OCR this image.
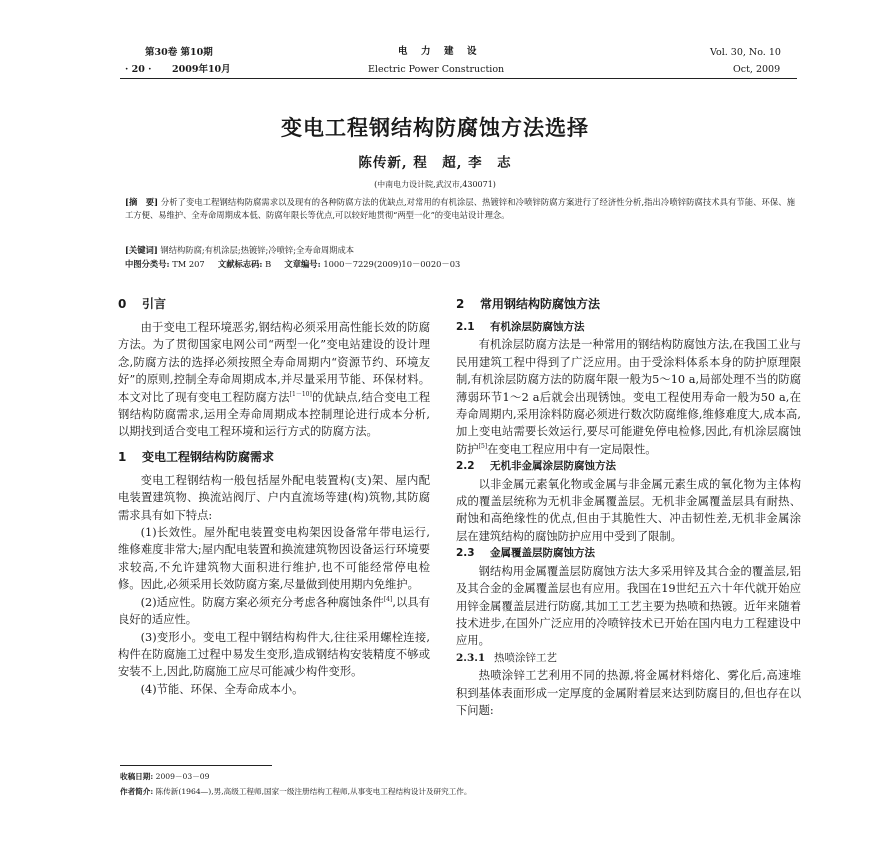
第30卷 第10期	电　力　建　设	Vol. 30, No. 10
· 20 · 2009年10月	Electric Power Construction	Oct, 2009
变电工程钢结构防腐蚀方法选择
陈传新, 程　超, 李　志
(中南电力设计院,武汉市,430071)
[摘　要] 分析了变电工程钢结构防腐需求以及现有的各种防腐方法的优缺点,对常用的有机涂层、热镀锌和冷喷锌防腐方案进行了经济性分析,指出冷喷锌防腐技术具有节能、环保、施工方便、易维护、全寿命周期成本低、防腐年限长等优点,可以较好地贯彻“两型一化”的变电站设计理念。
[关键词] 钢结构防腐;有机涂层;热镀锌;冷喷锌;全寿命周期成本
中图分类号: TM 207 文献标志码: B 文章编号: 1000－7229(2009)10－0020－03
0 引言

由于变电工程环境恶劣,钢结构必须采用高性能长效的防腐方法。为了贯彻国家电网公司“两型一化”变电站建设的设计理念,防腐方法的选择必须按照全寿命周期内“资源节约、环境友好”的原则,控制全寿命周期成本,并尽量采用节能、环保材料。本文对比了现有变电工程防腐方法[1－10]的优缺点,结合变电工程钢结构防腐需求,运用全寿命周期成本控制理论进行成本分析,以期找到适合变电工程环境和运行方式的防腐方法。

1 变电工程钢结构防腐需求

变电工程钢结构一般包括屋外配电装置构(支)架、屋内配电装置建筑物、换流站阀厅、户内直流场等建(构)筑物,其防腐需求具有如下特点:

(1)长效性。屋外配电装置变电构架因设备常年带电运行,维修难度非常大;屋内配电装置和换流建筑物因设备运行环境要求较高,不允许建筑物大面积进行维护,也不可能经常停电检修。因此,必须采用长效防腐方案,尽量做到使用期内免维护。

(2)适应性。防腐方案必须充分考虑各种腐蚀条件[4],以具有良好的适应性。

(3)变形小。变电工程中钢结构构件大,往往采用螺栓连接,构件在防腐施工过程中易发生变形,造成钢结构安装精度不够或安装不上,因此,防腐施工应尽可能减少构件变形。

(4)节能、环保、全寿命成本小。

2 常用钢结构防腐蚀方法
2.1 有机涂层防腐蚀方法

有机涂层防腐方法是一种常用的钢结构防腐蚀方法,在我国工业与民用建筑工程中得到了广泛应用。由于受涂料体系本身的防护原理限制,有机涂层防腐方法的防腐年限一般为5～10 a,局部处理不当的防腐薄弱环节1～2 a后就会出现锈蚀。变电工程使用寿命一般为50 a,在寿命周期内,采用涂料防腐必须进行数次防腐维修,维修难度大,成本高,加上变电站需要长效运行,要尽可能避免停电检修,因此,有机涂层腐蚀防护[5]在变电工程应用中有一定局限性。

2.2 无机非金属涂层防腐蚀方法

以非金属元素氧化物或金属与非金属元素生成的氧化物为主体构成的覆盖层统称为无机非金属覆盖层。无机非金属覆盖层具有耐热、耐蚀和高绝缘性的优点,但由于其脆性大、冲击韧性差,无机非金属涂层在建筑结构的腐蚀防护应用中受到了限制。

2.3 金属覆盖层防腐蚀方法

钢结构用金属覆盖层防腐蚀方法大多采用锌及其合金的覆盖层,铝及其合金的金属覆盖层也有应用。我国在19世纪五六十年代就开始应用锌金属覆盖层进行防腐,其加工工艺主要为热喷和热镀。近年来随着技术进步,在国外广泛应用的冷喷锌技术已开始在国内电力工程建设中应用。

2.3.1 热喷涂锌工艺

热喷涂锌工艺利用不同的热源,将金属材料熔化、雾化后,高速堆积到基体表面形成一定厚度的金属附着层来达到防腐目的,但也存在以下问题:

收稿日期: 2009－03－09
作者简介: 陈传新(1964—),男,高级工程师,国家一级注册结构工程师,从事变电工程结构设计及研究工作。
